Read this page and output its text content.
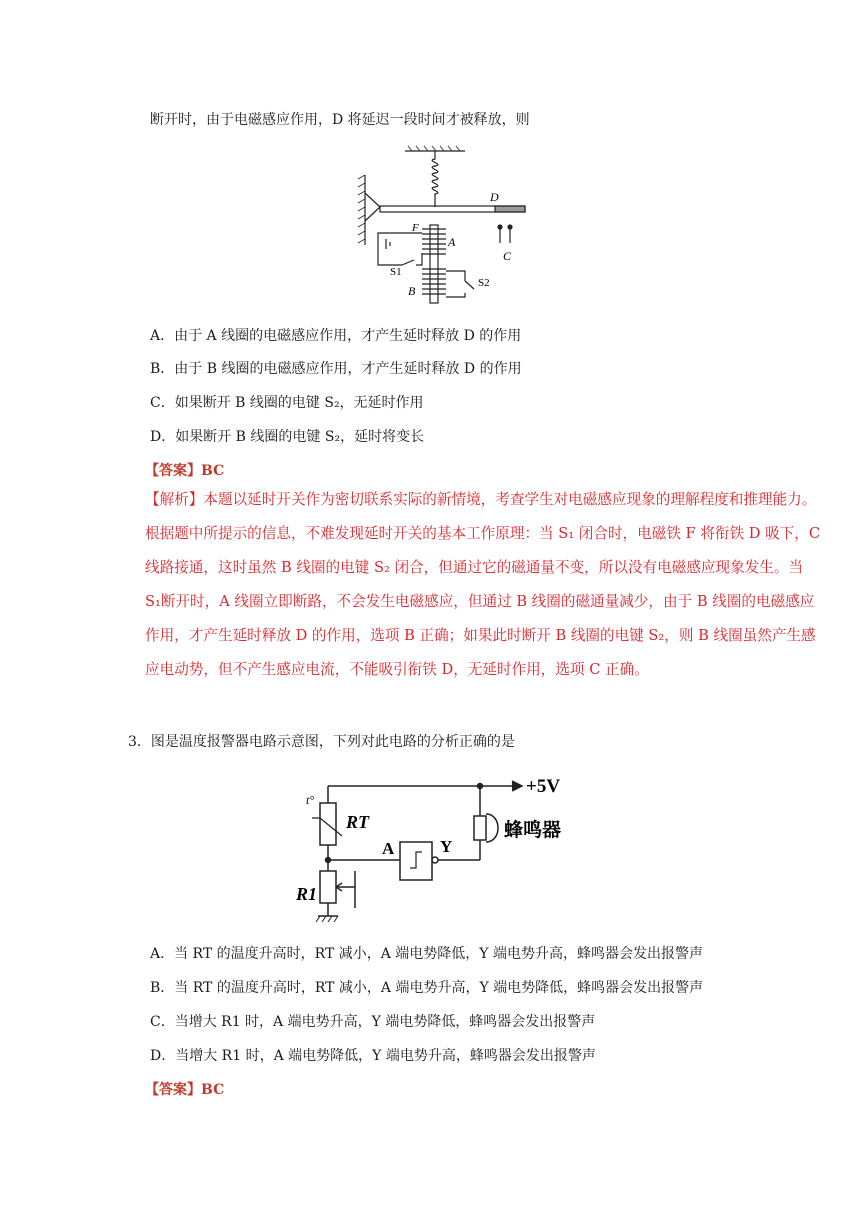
断开时，由于电磁感应作用，D 将延迟一段时间才被释放，则
D
F
A
S1
B
S2
C
A．由于 A 线圈的电磁感应作用，才产生延时释放 D 的作用
B．由于 B 线圈的电磁感应作用，才产生延时释放 D 的作用
C．如果断开 B 线圈的电键 S₂，无延时作用
D．如果断开 B 线圈的电键 S₂，延时将变长
【答案】BC

【解析】本题以延时开关作为密切联系实际的新情境，考查学生对电磁感应现象的理解程度和推理能力。

根据题中所提示的信息，不难发现延时开关的基本工作原理：当 S₁ 闭合时，电磁铁 F 将衔铁 D 吸下，C

线路接通，这时虽然 B 线圈的电键 S₂ 闭合，但通过它的磁通量不变，所以没有电磁感应现象发生。当

S₁断开时，A 线圈立即断路，不会发生电磁感应，但通过 B 线圈的磁通量减少，由于 B 线圈的电磁感应

作用，才产生延时释放 D 的作用，选项 B 正确；如果此时断开 B 线圈的电键 S₂，则 B 线圈虽然产生感

应电动势，但不产生感应电流，不能吸引衔铁 D，无延时作用，选项 C 正确。

3．图是温度报警器电路示意图，下列对此电路的分析正确的是
+5V
t°
RT
R1
A	Y
蜂鸣器
A．当 RT 的温度升高时，RT 减小，A 端电势降低，Y 端电势升高，蜂鸣器会发出报警声
B．当 RT 的温度升高时，RT 减小，A 端电势升高，Y 端电势降低，蜂鸣器会发出报警声
C．当增大 R1 时，A 端电势升高，Y 端电势降低，蜂鸣器会发出报警声
D．当增大 R1 时，A 端电势降低，Y 端电势升高，蜂鸣器会发出报警声
【答案】BC
